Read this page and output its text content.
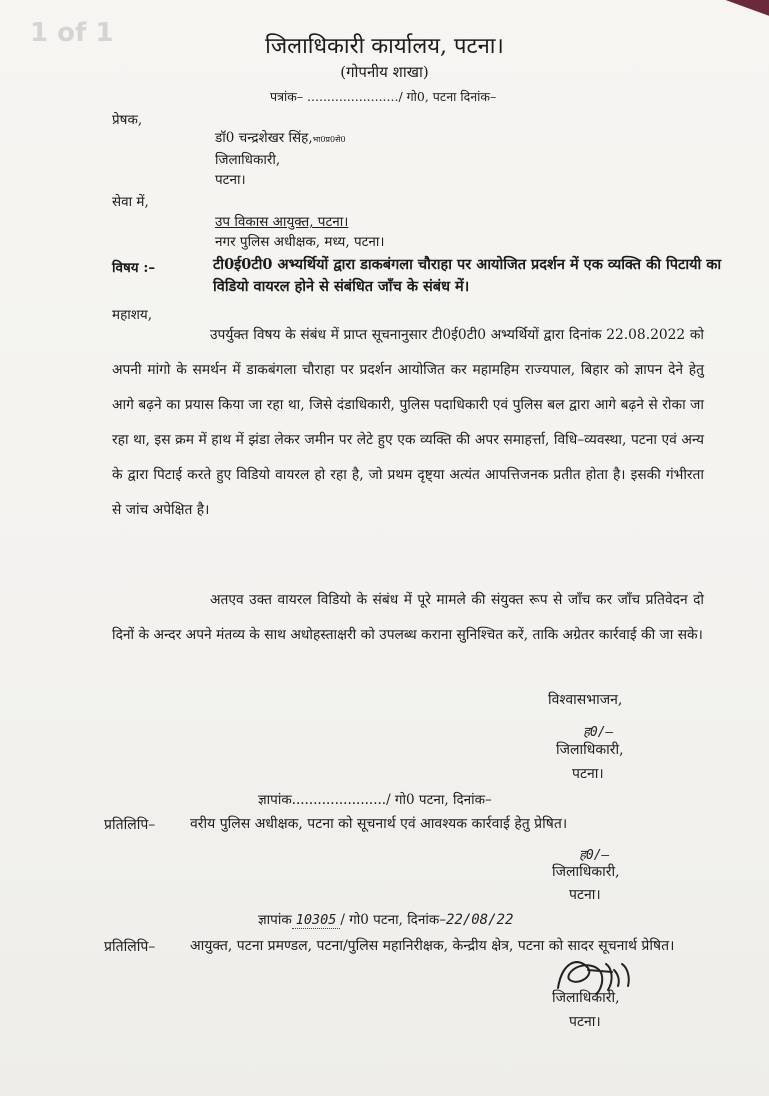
1 of 1	जिलाधिकारी कार्यालय, पटना।
(गोपनीय शाखा)
पत्रांक– ......................./ गो0, पटना दिनांक–
प्रेषक,
डॉ0 चन्द्रशेखर सिंह,भा0प्र0से0
जिलाधिकारी,
पटना।
सेवा में,
उप विकास आयुक्त, पटना।
नगर पुलिस अधीक्षक, मध्य, पटना।
विषय :–	टी0ई0टी0 अभ्यर्थियों द्वारा डाकबंगला चौराहा पर आयोजित प्रदर्शन में एक व्यक्ति की पिटायी का विडियो वायरल होने से संबंधित जाँच के संबंध में।
महाशय,
उपर्युक्त विषय के संबंध में प्राप्त सूचनानुसार टी0ई0टी0 अभ्यर्थियों द्वारा दिनांक 22.08.2022 को अपनी मांगो के समर्थन में डाकबंगला चौराहा पर प्रदर्शन आयोजित कर महामहिम राज्यपाल, बिहार को ज्ञापन देने हेतु आगे बढ़ने का प्रयास किया जा रहा था, जिसे दंडाधिकारी, पुलिस पदाधिकारी एवं पुलिस बल द्वारा आगे बढ़ने से रोका जा रहा था, इस क्रम में हाथ में झंडा लेकर जमीन पर लेटे हुए एक व्यक्ति की अपर समाहर्त्ता, विधि–व्यवस्था, पटना एवं अन्य के द्वारा पिटाई करते हुए विडियो वायरल हो रहा है, जो प्रथम दृष्ट्या अत्यंत आपत्तिजनक प्रतीत होता है। इसकी गंभीरता से जांच अपेक्षित है।
अतएव उक्त वायरल विडियो के संबंध में पूरे मामले की संयुक्त रूप से जाँच कर जाँच प्रतिवेदन दो दिनों के अन्दर अपने मंतव्य के साथ अधोहस्ताक्षरी को उपलब्ध कराना सुनिश्चित करें, ताकि अग्रेतर कार्रवाई की जा सके।
विश्वासभाजन,
ह0/–
जिलाधिकारी,
पटना।
ज्ञापांक....................../ गो0 पटना, दिनांक–
प्रतिलिपि– वरीय पुलिस अधीक्षक, पटना को सूचनार्थ एवं आवश्यक कार्रवाई हेतु प्रेषित।
ह0/–
जिलाधिकारी,
पटना।
ज्ञापांक 10305 / गो0 पटना, दिनांक–22/08/22
प्रतिलिपि– आयुक्त, पटना प्रमण्डल, पटना/पुलिस महानिरीक्षक, केन्द्रीय क्षेत्र, पटना को सादर सूचनार्थ प्रेषित।
जिलाधिकारी,
पटना।
